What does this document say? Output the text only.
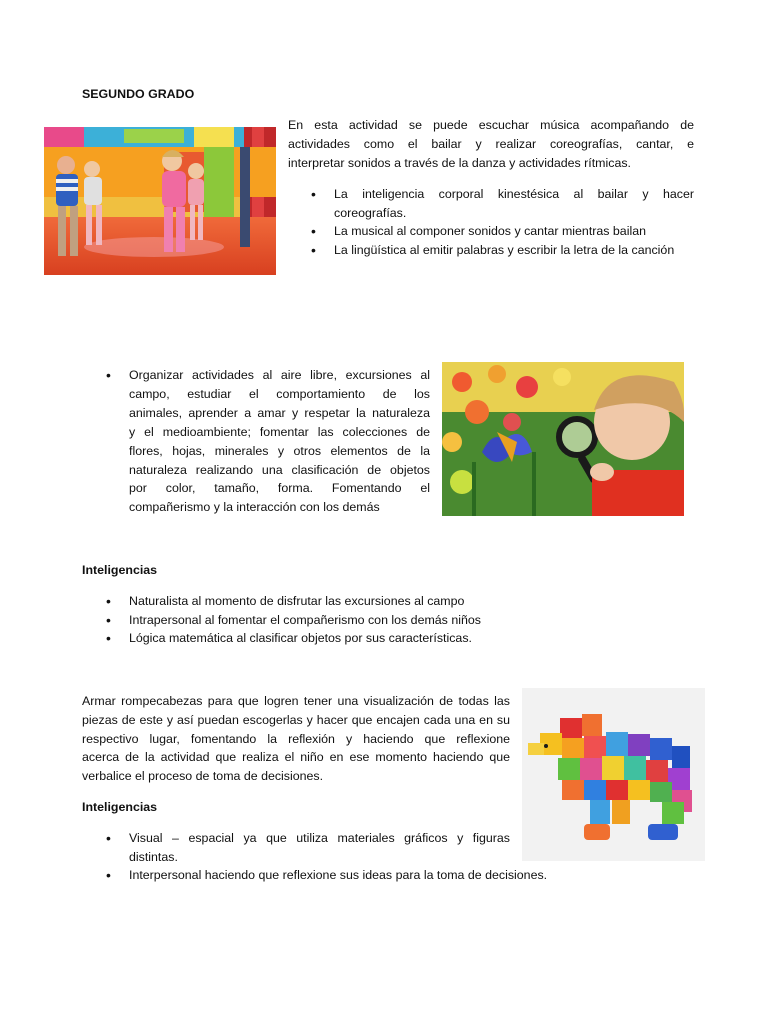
SEGUNDO GRADO
En esta actividad se puede escuchar música acompañando de
actividades como el bailar y realizar coreografías, cantar, e
interpretar sonidos a través de la danza y actividades rítmicas.
•
La inteligencia corporal kinestésica al bailar y hacer
coreografías.
•
La musical al componer sonidos y cantar mientras bailan
•
La lingüística al emitir palabras y escribir la letra de la canción
•
Organizar actividades al aire libre, excursiones al
campo, estudiar el comportamiento de los
animales, aprender a amar y respetar la naturaleza
y el medioambiente; fomentar las colecciones de
flores, hojas, minerales y otros elementos de la
naturaleza realizando una clasificación de objetos
por color, tamaño, forma. Fomentando el
compañerismo y la interacción con los demás
Inteligencias
•
Naturalista al momento de disfrutar las excursiones al campo
•
Intrapersonal al fomentar el compañerismo con los demás niños
•
Lógica matemática al clasificar objetos por sus características.
Armar rompecabezas para que logren tener una visualización de todas las
piezas de este y así puedan escogerlas y hacer que encajen cada una en su
respectivo lugar, fomentando la reflexión y haciendo que reflexione
acerca de la actividad que realiza el niño en ese momento haciendo que
verbalice el proceso de toma de decisiones.
Inteligencias
•
Visual – espacial ya que utiliza materiales gráficos y figuras
distintas.
•
Interpersonal haciendo que reflexione sus ideas para la toma de decisiones.
